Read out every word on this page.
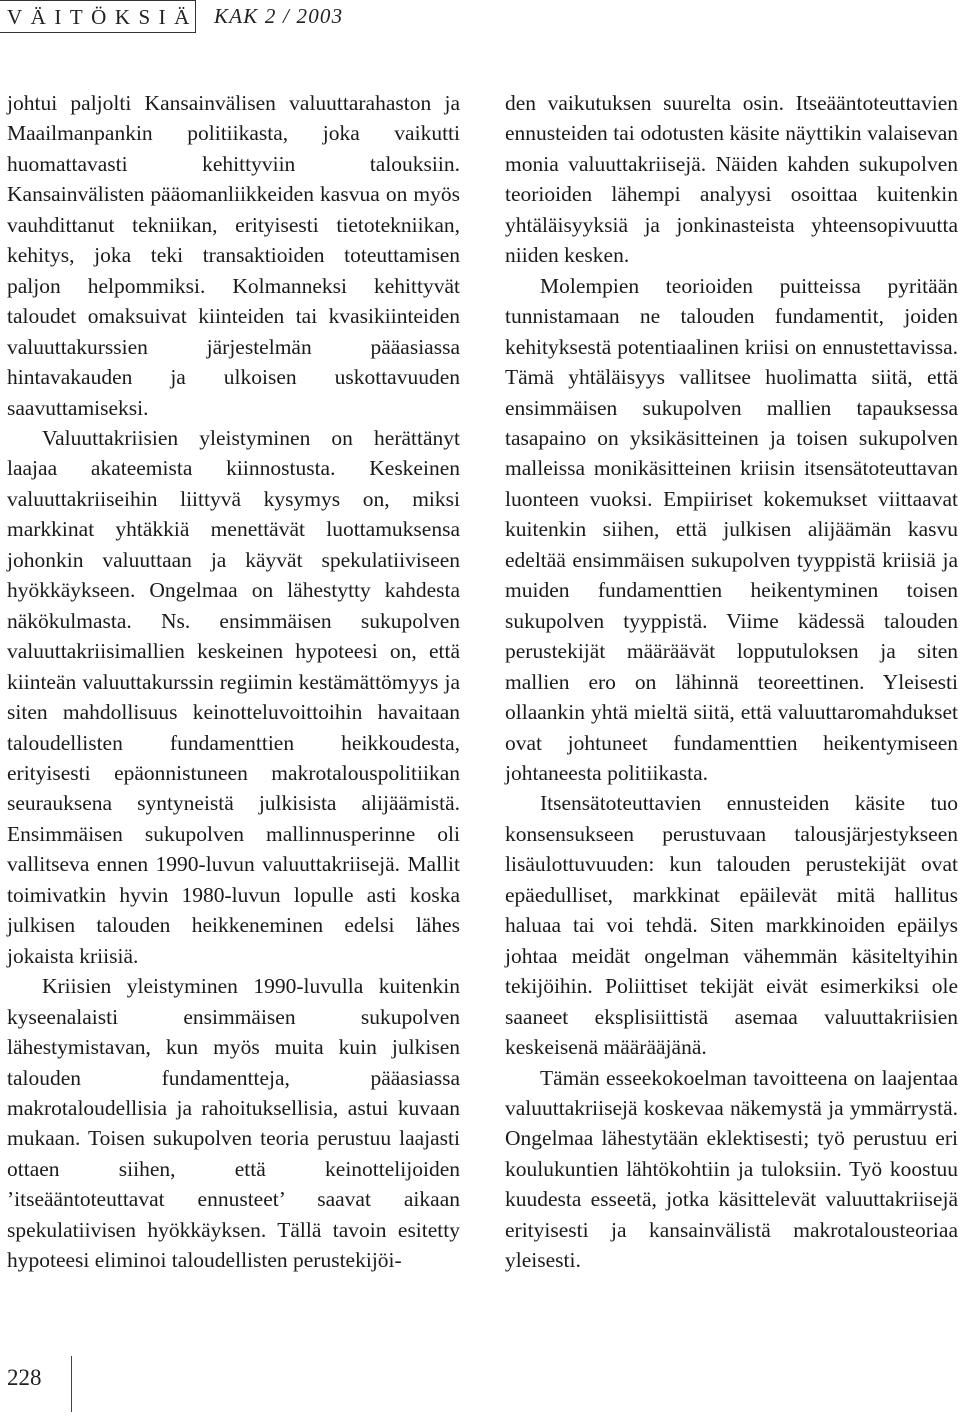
VÄITÖKSIÄ KAK 2 / 2003

johtui paljolti Kansainvälisen valuuttarahaston ja Maailmanpankin politiikasta, joka vaikutti huomattavasti kehittyviin talouksiin. Kansainvälisten pääomanliikkeiden kasvua on myös vauhdittanut tekniikan, erityisesti tietotekniikan, kehitys, joka teki transaktioiden toteuttamisen paljon helpommiksi. Kolmanneksi kehittyvät taloudet omaksuivat kiinteiden tai kvasikiinteiden valuuttakurssien järjestelmän pääasiassa hintavakauden ja ulkoisen uskottavuuden saavuttamiseksi.

Valuuttakriisien yleistyminen on herättänyt laajaa akateemista kiinnostusta. Keskeinen valuuttakriiseihin liittyvä kysymys on, miksi markkinat yhtäkkiä menettävät luottamuksensa johonkin valuuttaan ja käyvät spekulatiiviseen hyökkäykseen. Ongelmaa on lähestytty kahdesta näkökulmasta. Ns. ensimmäisen sukupolven valuuttakriisimallien keskeinen hypoteesi on, että kiinteän valuuttakurssin regiimin kestämättömyys ja siten mahdollisuus keinotteluvoittoihin havaitaan taloudellisten fundamenttien heikkoudesta, erityisesti epäonnistuneen makrotalouspolitiikan seurauksena syntyneistä julkisista alijäämistä. Ensimmäisen sukupolven mallinnusperinne oli vallitseva ennen 1990-luvun valuuttakriisejä. Mallit toimivatkin hyvin 1980-luvun lopulle asti koska julkisen talouden heikkeneminen edelsi lähes jokaista kriisiä.

Kriisien yleistyminen 1990-luvulla kuitenkin kyseenalaisti ensimmäisen sukupolven lähestymistavan, kun myös muita kuin julkisen talouden fundamentteja, pääasiassa makrotaloudellisia ja rahoituksellisia, astui kuvaan mukaan. Toisen sukupolven teoria perustuu laajasti ottaen siihen, että keinottelijoiden ’itseääntoteuttavat ennusteet’ saavat aikaan spekulatiivisen hyökkäyksen. Tällä tavoin esitetty hypoteesi eliminoi taloudellisten perustekijöi-

den vaikutuksen suurelta osin. Itseääntoteuttavien ennusteiden tai odotusten käsite näyttikin valaisevan monia valuuttakriisejä. Näiden kahden sukupolven teorioiden lähempi analyysi osoittaa kuitenkin yhtäläisyyksiä ja jonkinasteista yhteensopivuutta niiden kesken.

Molempien teorioiden puitteissa pyritään tunnistamaan ne talouden fundamentit, joiden kehityksestä potentiaalinen kriisi on ennustettavissa. Tämä yhtäläisyys vallitsee huolimatta siitä, että ensimmäisen sukupolven mallien tapauksessa tasapaino on yksikäsitteinen ja toisen sukupolven malleissa monikäsitteinen kriisin itsensätoteuttavan luonteen vuoksi. Empiiriset kokemukset viittaavat kuitenkin siihen, että julkisen alijäämän kasvu edeltää ensimmäisen sukupolven tyyppistä kriisiä ja muiden fundamenttien heikentyminen toisen sukupolven tyyppistä. Viime kädessä talouden perustekijät määräävät lopputuloksen ja siten mallien ero on lähinnä teoreettinen. Yleisesti ollaankin yhtä mieltä siitä, että valuuttaromahdukset ovat johtuneet fundamenttien heikentymiseen johtaneesta politiikasta.

Itsensätoteuttavien ennusteiden käsite tuo konsensukseen perustuvaan talousjärjestykseen lisäulottuvuuden: kun talouden perustekijät ovat epäedulliset, markkinat epäilevät mitä hallitus haluaa tai voi tehdä. Siten markkinoiden epäilys johtaa meidät ongelman vähemmän käsiteltyihin tekijöihin. Poliittiset tekijät eivät esimerkiksi ole saaneet eksplisiittistä asemaa valuuttakriisien keskeisenä määrääjänä.

Tämän esseekokoelman tavoitteena on laajentaa valuuttakriisejä koskevaa näkemystä ja ymmärrystä. Ongelmaa lähestytään eklektisesti; työ perustuu eri koulukuntien lähtökohtiin ja tuloksiin. Työ koostuu kuudesta esseetä, jotka käsittelevät valuuttakriisejä erityisesti ja kansainvälistä makrotalousteoriaa yleisesti.

228
